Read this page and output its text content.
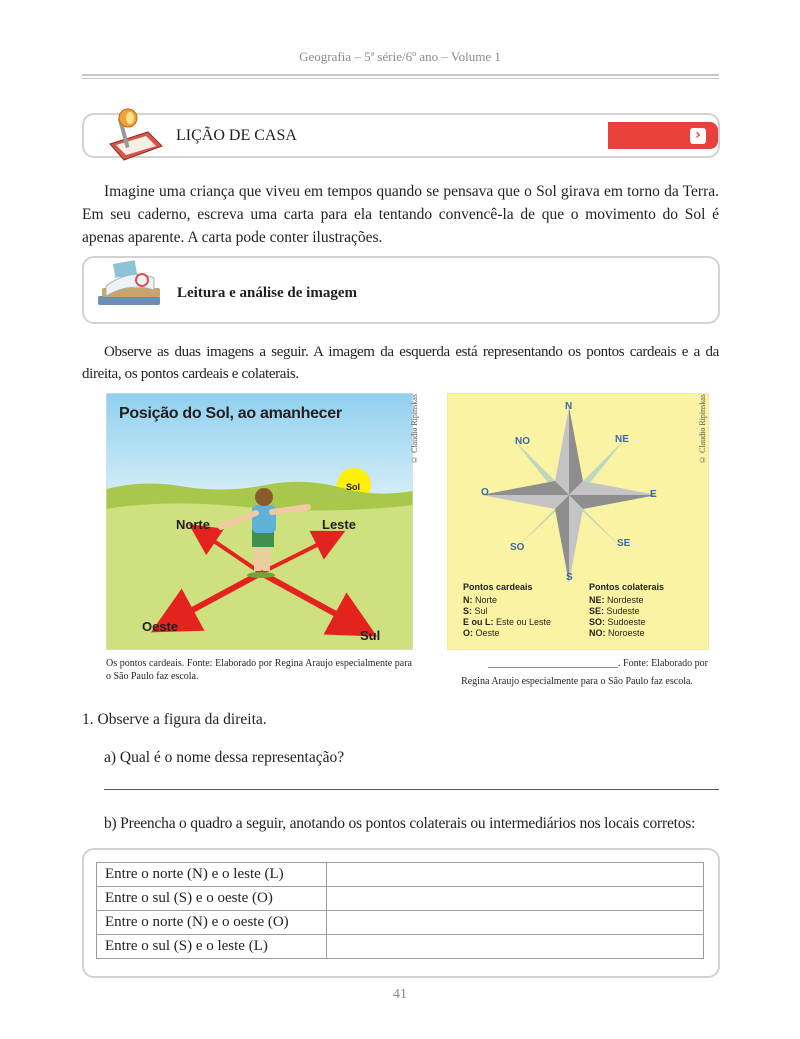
Geografia – 5ª série/6º ano – Volume 1
›
LIÇÃO DE CASA

Imagine uma criança que viveu em tempos quando se pensava que o Sol girava em torno da Terra. Em seu caderno, escreva uma carta para ela tentando convencê-la de que o movimento do Sol é apenas aparente. A carta pode conter ilustrações.

Leitura e análise de imagem

Observe as duas imagens a seguir. A imagem da esquerda está representando os pontos cardeais e a da direita, os pontos cardeais e colaterais.

Posição do Sol, ao amanhecer	© Claudio Ripinskas
Sol
Norte	Leste
Oeste
Sul
Os pontos cardeais. Fonte: Elaborado por Regina Araujo especialmente para o São Paulo faz escola.
© Claudio Ripinskas
N
S
E
O
NO	NE
SO	SE
Pontos cardeais
N: Norte
S: Sul
E ou L: Este ou Leste
O: Oeste
Pontos colaterais
NE: Nordeste
SE: Sudeste
SO: Sudoeste
NO: Noroeste
__________________________. Fonte: Elaborado por
Regina Araujo especialmente para o São Paulo faz escola.
1. Observe a figura da direita.
a) Qual é o nome dessa representação?
b) Preencha o quadro a seguir, anotando os pontos colaterais ou intermediários nos locais corretos:
Entre o norte (N) e o leste (L)	
Entre o sul (S) e o oeste (O)	
Entre o norte (N) e o oeste (O)	
Entre o sul (S) e o leste (L)	
41
